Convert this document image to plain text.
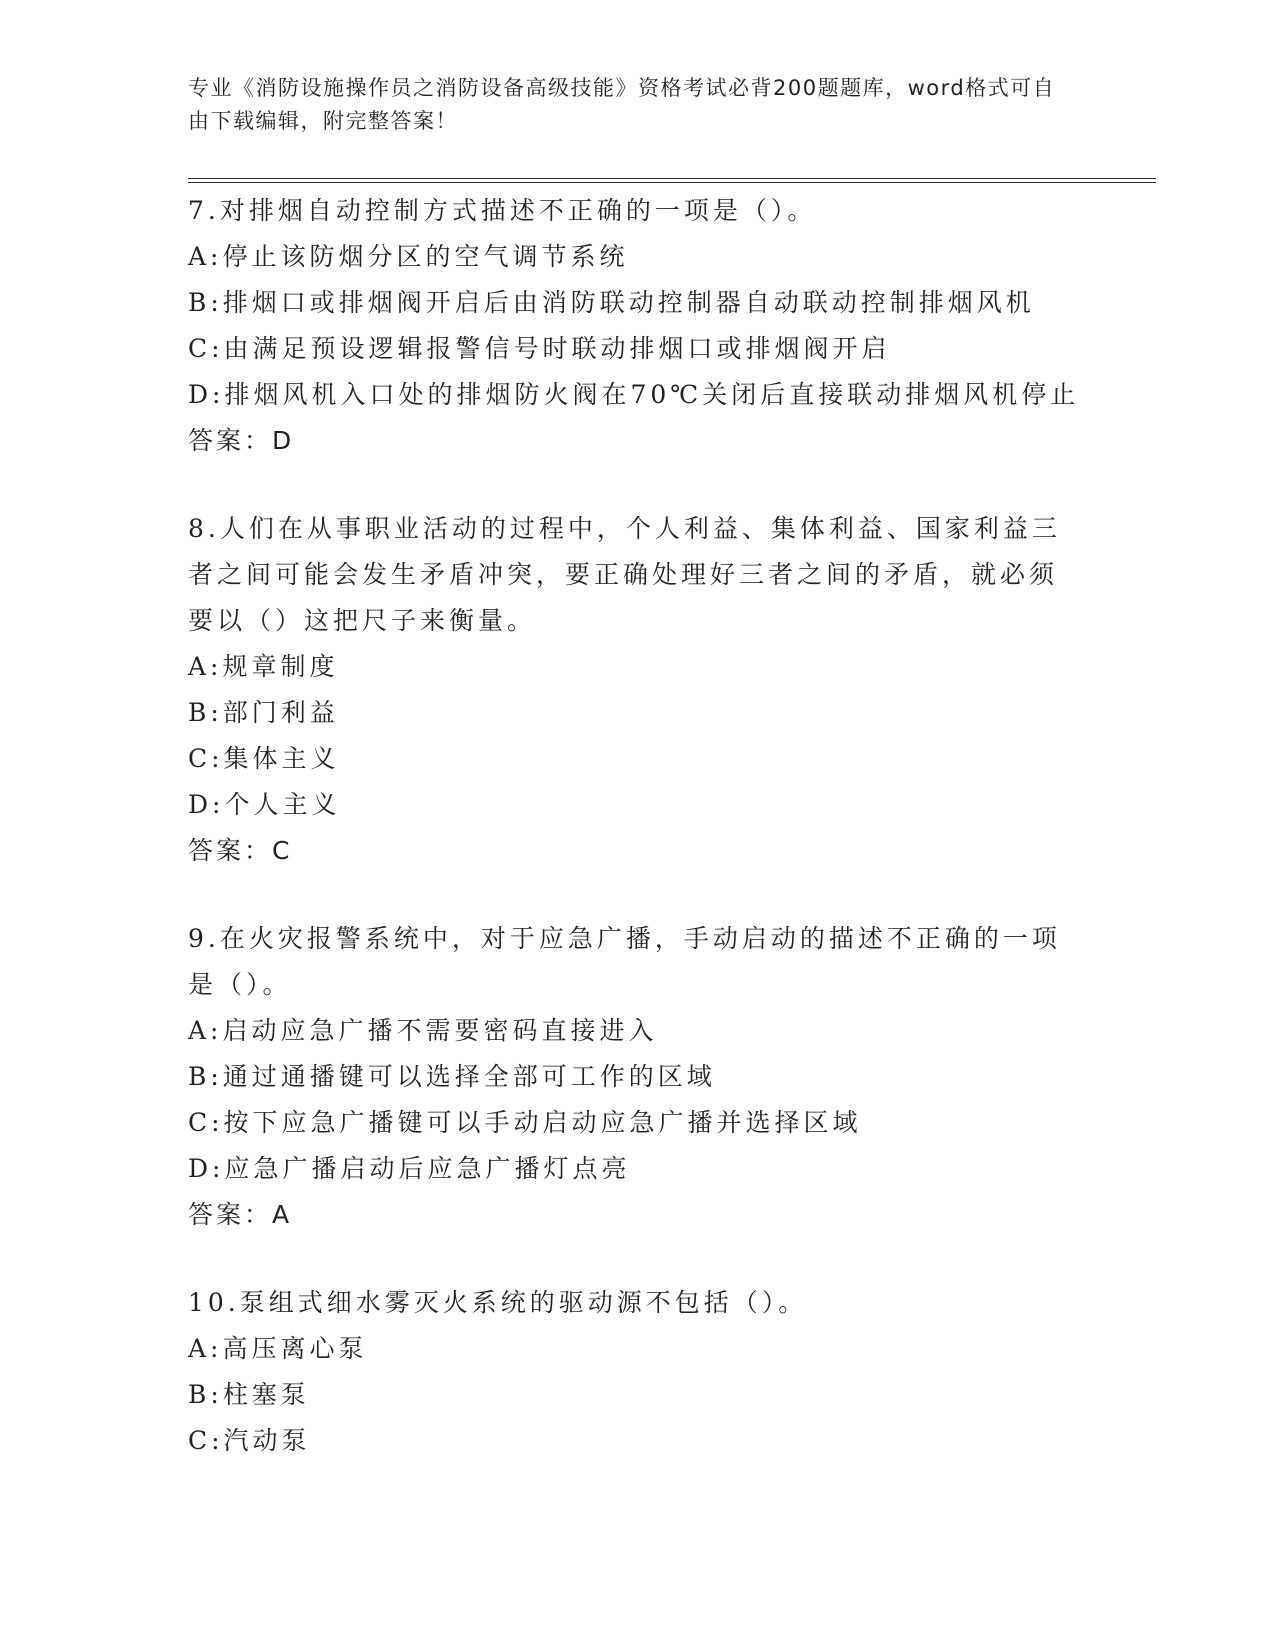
专业《消防设施操作员之消防设备高级技能》资格考试必背200题题库，word格式可自由下载编辑，附完整答案！
7.对排烟自动控制方式描述不正确的一项是（）。
A:停止该防烟分区的空气调节系统
B:排烟口或排烟阀开启后由消防联动控制器自动联动控制排烟风机
C:由满足预设逻辑报警信号时联动排烟口或排烟阀开启
D:排烟风机入口处的排烟防火阀在70℃关闭后直接联动排烟风机停止
答案：D
8.人们在从事职业活动的过程中，个人利益、集体利益、国家利益三者之间可能会发生矛盾冲突，要正确处理好三者之间的矛盾，就必须要以（）这把尺子来衡量。
A:规章制度
B:部门利益
C:集体主义
D:个人主义
答案：C
9.在火灾报警系统中，对于应急广播，手动启动的描述不正确的一项是（）。
A:启动应急广播不需要密码直接进入
B:通过通播键可以选择全部可工作的区域
C:按下应急广播键可以手动启动应急广播并选择区域
D:应急广播启动后应急广播灯点亮
答案：A
10.泵组式细水雾灭火系统的驱动源不包括（）。
A:高压离心泵
B:柱塞泵
C:汽动泵
